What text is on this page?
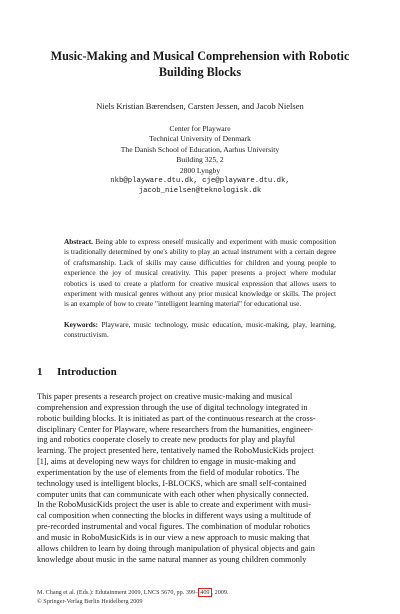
Music-Making and Musical Comprehension with Robotic
Building Blocks
Niels Kristian Bærendsen, Carsten Jessen, and Jacob Nielsen
Center for Playware
Technical University of Denmark
The Danish School of Education, Aarhus University
Building 325, 2
2800 Lyngby
nkb@playware.dtu.dk, cje@playware.dtu.dk,
jacob_nielsen@teknologisk.dk
Abstract. Being able to express oneself musically and experiment with music composition is traditionally determined by one's ability to play an actual instrument with a certain degree of craftsmanship. Lack of skills may cause difficulties for children and young people to experience the joy of musical creativity. This paper presents a project where modular robotics is used to create a platform for creative musical expression that allows users to experiment with musical genres without any prior musical knowledge or skills. The project is an example of how to create "intelligent learning material" for educational use.
Keywords: Playware, music technology, music education, music-making, play, learning, constructivism.
1 Introduction
This paper presents a research project on creative music-making and musical
comprehension and expression through the use of digital technology integrated in
robotic building blocks. It is initiated as part of the continuous research at the cross-
disciplinary Center for Playware, where researchers from the humanities, engineer-
ing and robotics cooperate closely to create new products for play and playful
learning. The project presented here, tentatively named the RoboMusicKids project
[1], aims at developing new ways for children to engage in music-making and
experimentation by the use of elements from the field of modular robotics. The
technology used is intelligent blocks, I-BLOCKS, which are small self-contained
computer units that can communicate with each other when physically connected.
In the RoboMusicKids project the user is able to create and experiment with musi-
cal composition when connecting the blocks in different ways using a multitude of
pre-recorded instrumental and vocal figures. The combination of modular robotics
and music in RoboMusicKids is in our view a new approach to music making that
allows children to learn by doing through manipulation of physical objects and gain
knowledge about music in the same natural manner as young children commonly
M. Chang et al. (Eds.): Edutainment 2009, LNCS 5670, pp. 399– 409 , 2009.
© Springer-Verlag Berlin Heidelberg 2009
